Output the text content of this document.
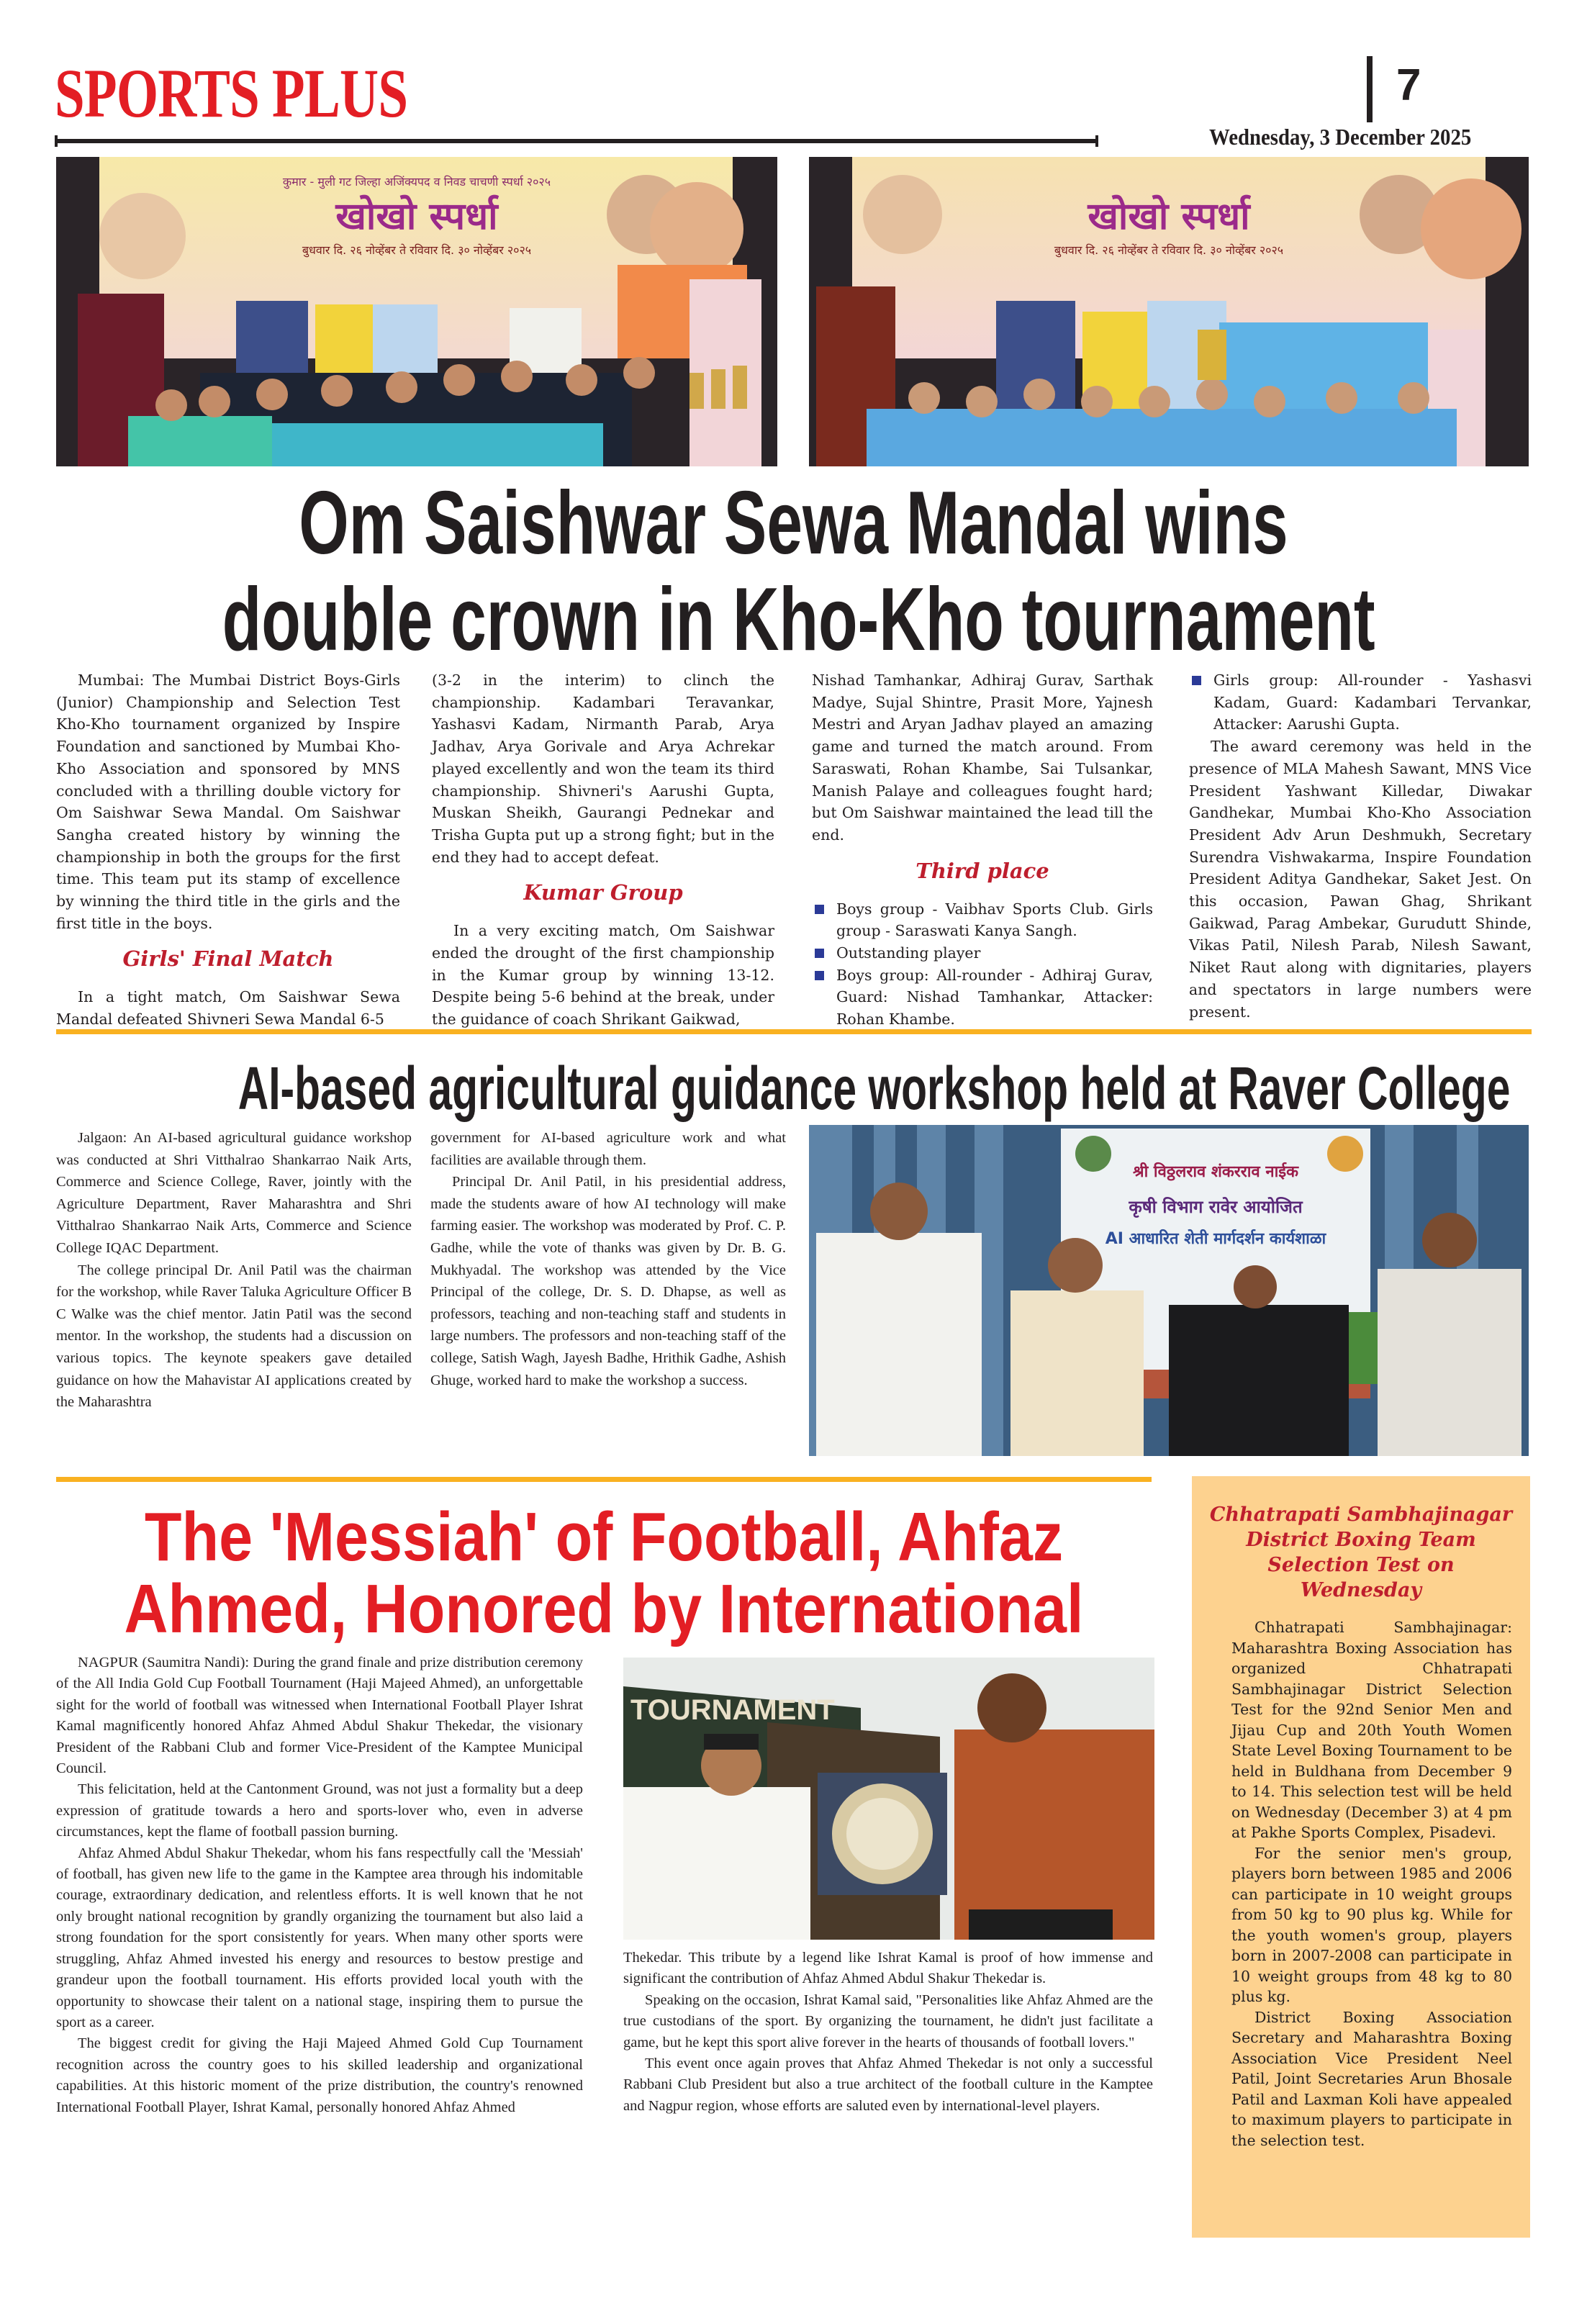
SPORTS PLUS	7
Wednesday, 3 December 2025
कुमार - मुली गट जिल्हा अजिंक्यपद व निवड चाचणी स्पर्धा २०२५
खोखो स्पर्धा
बुधवार दि. २६ नोव्हेंबर ते रविवार दि. ३० नोव्हेंबर २०२५
खोखो स्पर्धा
बुधवार दि. २६ नोव्हेंबर ते रविवार दि. ३० नोव्हेंबर २०२५
Om Saishwar Sewa Mandal wins
double crown in Kho-Kho tournament

Mumbai: The Mumbai District Boys-Girls (Junior) Championship and Selection Test Kho-Kho tournament organized by Inspire Foundation and sanctioned by Mumbai Kho-Kho Association and sponsored by MNS concluded with a thrilling double victory for Om Saishwar Sewa Mandal. Om Saishwar Sangha created history by winning the championship in both the groups for the first time. This team put its stamp of excellence by winning the third title in the girls and the first title in the boys.

Girls' Final Match

In a tight match, Om Saishwar Sewa Mandal defeated Shivneri Sewa Mandal 6-5

(3-2 in the interim) to clinch the championship. Kadambari Teravankar, Yashasvi Kadam, Nirmanth Parab, Arya Jadhav, Arya Gorivale and Arya Achrekar played excellently and won the team its third championship. Shivneri's Aarushi Gupta, Muskan Sheikh, Gaurangi Pednekar and Trisha Gupta put up a strong fight; but in the end they had to accept defeat.

Kumar Group

In a very exciting match, Om Saishwar ended the drought of the first championship in the Kumar group by winning 13-12. Despite being 5-6 behind at the break, under the guidance of coach Shrikant Gaikwad,

Nishad Tamhankar, Adhiraj Gurav, Sarthak Madye, Sujal Shintre, Prasit More, Yajnesh Mestri and Aryan Jadhav played an amazing game and turned the match around. From Saraswati, Rohan Khambe, Sai Tulsankar, Manish Palaye and colleagues fought hard; but Om Saishwar maintained the lead till the end.

Third place
Boys group - Vaibhav Sports Club. Girls group - Saraswati Kanya Sangh.
Outstanding player
Boys group: All-rounder - Adhiraj Gurav, Guard: Nishad Tamhankar, Attacker: Rohan Khambe.
Girls group: All-rounder - Yashasvi Kadam, Guard: Kadambari Tervankar, Attacker: Aarushi Gupta.

The award ceremony was held in the presence of MLA Mahesh Sawant, MNS Vice President Yashwant Killedar, Diwakar Gandhekar, Mumbai Kho-Kho Association President Adv Arun Deshmukh, Secretary Surendra Vishwakarma, Inspire Foundation President Aditya Gandhekar, Saket Jest. On this occasion, Pawan Ghag, Shrikant Gaikwad, Parag Ambekar, Gurudutt Shinde, Vikas Patil, Nilesh Parab, Nilesh Sawant, Niket Raut along with dignitaries, players and spectators in large numbers were present.

AI-based agricultural guidance workshop held at Raver College

Jalgaon: An AI-based agricultural guidance workshop was conducted at Shri Vitthalrao Shankarrao Naik Arts, Commerce and Science College, Raver, jointly with the Agriculture Department, Raver Maharashtra and Shri Vitthalrao Shankarrao Naik Arts, Commerce and Science College IQAC Department.

The college principal Dr. Anil Patil was the chairman for the workshop, while Raver Taluka Agriculture Officer B C Walke was the chief mentor. Jatin Patil was the second mentor. In the workshop, the students had a discussion on various topics. The keynote speakers gave detailed guidance on how the Mahavistar AI applications created by the Maharashtra

government for AI-based agriculture work and what facilities are available through them.

Principal Dr. Anil Patil, in his presidential address, made the students aware of how AI technology will make farming easier. The workshop was moderated by Prof. C. P. Gadhe, while the vote of thanks was given by Dr. B. G. Mukhyadal. The workshop was attended by the Vice Principal of the college, Dr. S. D. Dhapse, as well as professors, teaching and non-teaching staff and students in large numbers. The professors and non-teaching staff of the college, Satish Wagh, Jayesh Badhe, Hrithik Gadhe, Ashish Ghuge, worked hard to make the workshop a success.

श्री विठ्ठलराव शंकरराव नाईक
कृषी विभाग रावेर आयोजित
AI आधारित शेती मार्गदर्शन कार्यशाळा
The 'Messiah' of Football, Ahfaz Ahmed, Honored by International

NAGPUR (Saumitra Nandi): During the grand finale and prize distribution ceremony of the All India Gold Cup Football Tournament (Haji Majeed Ahmed), an unforgettable sight for the world of football was witnessed when International Football Player Ishrat Kamal magnificently honored Ahfaz Ahmed Abdul Shakur Thekedar, the visionary President of the Rabbani Club and former Vice-President of the Kamptee Municipal Council.

This felicitation, held at the Cantonment Ground, was not just a formality but a deep expression of gratitude towards a hero and sports-lover who, even in adverse circumstances, kept the flame of football passion burning.

Ahfaz Ahmed Abdul Shakur Thekedar, whom his fans respectfully call the 'Messiah' of football, has given new life to the game in the Kamptee area through his indomitable courage, extraordinary dedication, and relentless efforts. It is well known that he not only brought national recognition by grandly organizing the tournament but also laid a strong foundation for the sport consistently for years. When many other sports were struggling, Ahfaz Ahmed invested his energy and resources to bestow prestige and grandeur upon the football tournament. His efforts provided local youth with the opportunity to showcase their talent on a national stage, inspiring them to pursue the sport as a career.

The biggest credit for giving the Haji Majeed Ahmed Gold Cup Tournament recognition across the country goes to his skilled leadership and organizational capabilities. At this historic moment of the prize distribution, the country's renowned International Football Player, Ishrat Kamal, personally honored Ahfaz Ahmed

TOURNAMENT

Thekedar. This tribute by a legend like Ishrat Kamal is proof of how immense and significant the contribution of Ahfaz Ahmed Abdul Shakur Thekedar is.

Speaking on the occasion, Ishrat Kamal said, "Personalities like Ahfaz Ahmed are the true custodians of the sport. By organizing the tournament, he didn't just facilitate a game, but he kept this sport alive forever in the hearts of thousands of football lovers."

This event once again proves that Ahfaz Ahmed Thekedar is not only a successful Rabbani Club President but also a true architect of the football culture in the Kamptee and Nagpur region, whose efforts are saluted even by international-level players.

Chhatrapati Sambhajinagar District Boxing Team Selection Test on Wednesday

Chhatrapati Sambhajinagar: Maharashtra Boxing Association has organized Chhatrapati Sambhajinagar District Selection Test for the 92nd Senior Men and Jijau Cup and 20th Youth Women State Level Boxing Tournament to be held in Buldhana from December 9 to 14. This selection test will be held on Wednesday (December 3) at 4 pm at Pakhe Sports Complex, Pisadevi.

For the senior men's group, players born between 1985 and 2006 can participate in 10 weight groups from 50 kg to 90 plus kg. While for the youth women's group, players born in 2007-2008 can participate in 10 weight groups from 48 kg to 80 plus kg.

District Boxing Association Secretary and Maharashtra Boxing Association Vice President Neel Patil, Joint Secretaries Arun Bhosale Patil and Laxman Koli have appealed to maximum players to participate in the selection test.
